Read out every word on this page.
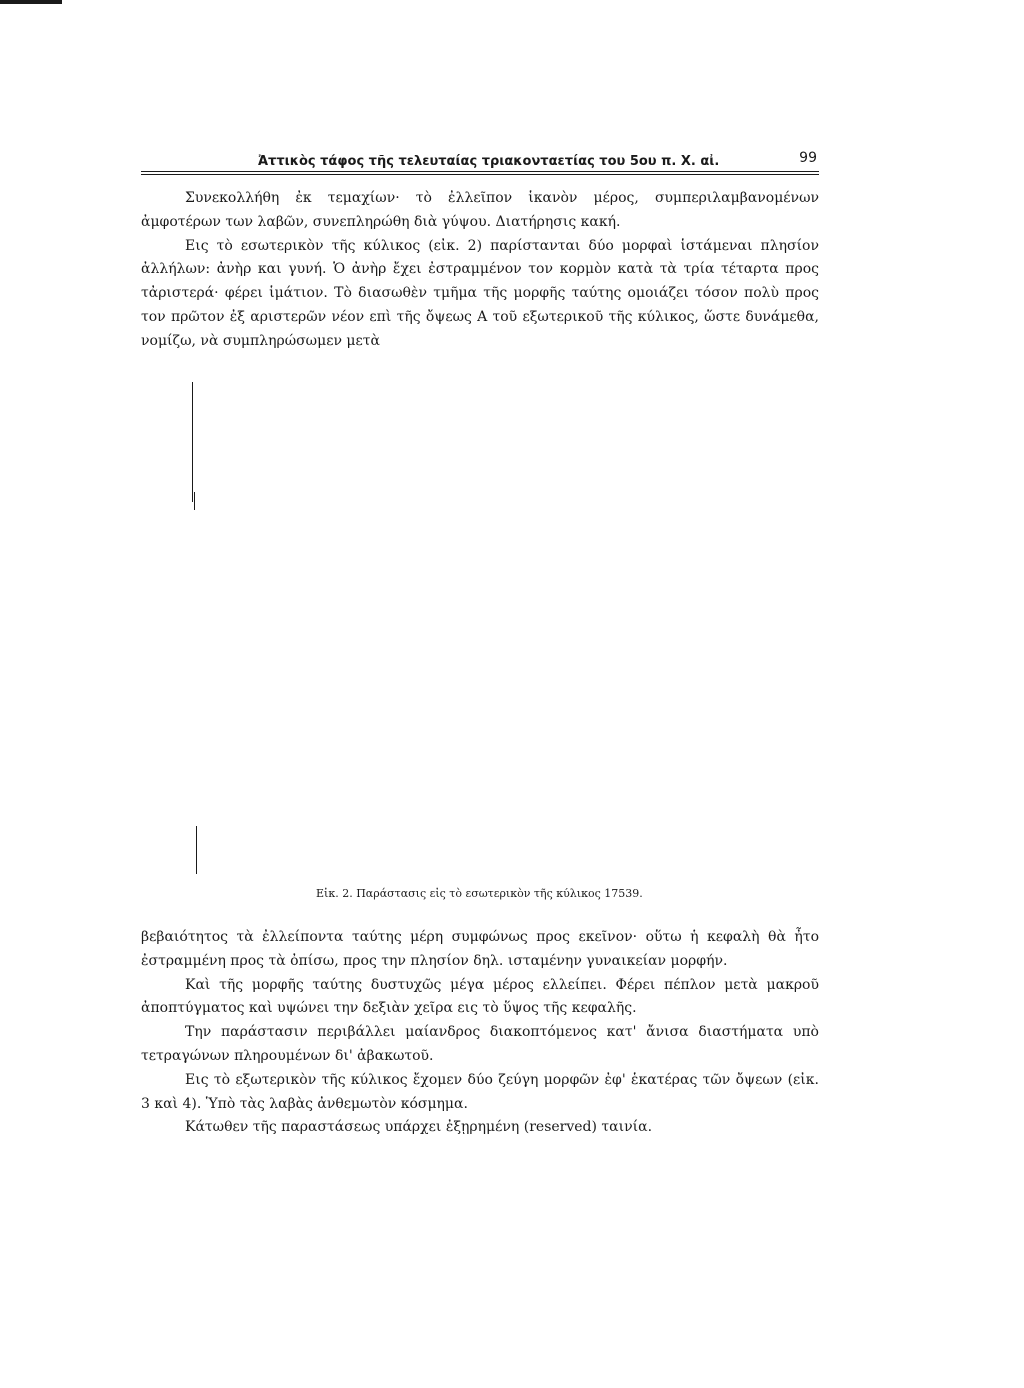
Ἀττικὸς τάφος τῆς τελευταίας τριακονταετίας του 5ου π. Χ. αἰ.	99

Συνεκολλήθη ἐκ τεμαχίων· τὸ ἐλλεῖπον ἱκανὸν μέρος, συμπεριλαμβανομένων ἀμφοτέρων των λαβῶν, συνεπληρώθη διὰ γύψου. Διατήρησις κακή.

Εις τὸ εσωτερικὸν τῆς κύλικος (εἰκ. 2) παρίστανται δύο μορφαὶ ἱστάμεναι πλησίον ἀλλήλων: ἀνὴρ και γυνή. Ὁ ἀνὴρ ἔχει ἐστραμμένον τον κορμὸν κατὰ τὰ τρία τέταρτα προς τἀριστερά· φέρει ἱμάτιον. Τὸ διασωθὲν τμῆμα τῆς μορφῆς ταύτης ομοιάζει τόσον πολὺ προς τον πρῶτον ἐξ αριστερῶν νέον επὶ τῆς ὄψεως Α τοῦ εξωτερικοῦ τῆς κύλικος, ὥστε δυνάμεθα, νομίζω, νὰ συμπληρώσωμεν μετὰ

Εἰκ. 2. Παράστασις εἰς τὸ εσωτερικὸν τῆς κύλικος 17539.

βεβαιότητος τὰ ἐλλείποντα ταύτης μέρη συμφώνως προς εκεῖνον· οὕτω ἡ κεφαλὴ θὰ ἦτο ἐστραμμένη προς τὰ ὀπίσω, προς την πλησίον δηλ. ισταμένην γυναικείαν μορφήν.

Καὶ τῆς μορφῆς ταύτης δυστυχῶς μέγα μέρος ελλείπει. Φέρει πέπλον μετὰ μακροῦ ἀποπτύγματος καὶ υψώνει την δεξιὰν χεῖρα εις τὸ ὕψος τῆς κεφαλῆς.

Την παράστασιν περιβάλλει μαίανδρος διακοπτόμενος κατ' ἄνισα διαστήματα υπὸ τετραγώνων πληρουμένων δι' ἀβακωτοῦ.

Εις τὸ εξωτερικὸν τῆς κύλικος ἔχομεν δύο ζεύγη μορφῶν ἐφ' ἑκατέρας τῶν ὄψεων (εἰκ. 3 καὶ 4). Ὑπὸ τὰς λαβὰς ἀνθεμωτὸν κόσμημα.

Κάτωθεν τῆς παραστάσεως υπάρχει ἐξῃρημένη (reserved) ταινία.
